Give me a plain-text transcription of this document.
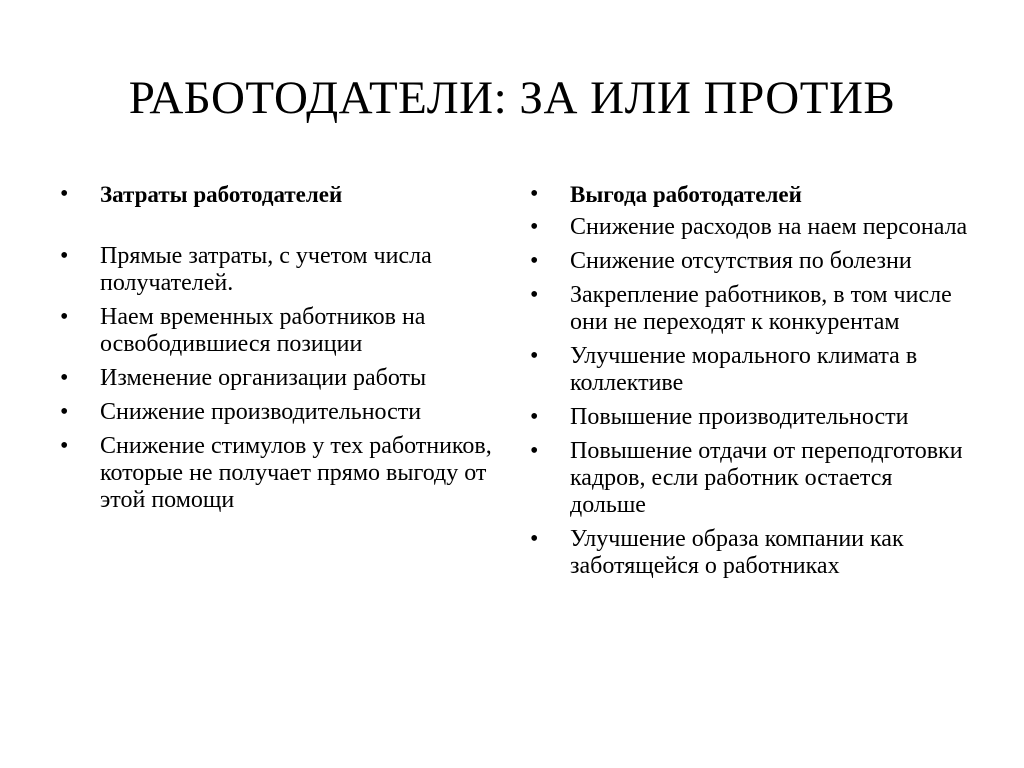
РАБОТОДАТЕЛИ: ЗА ИЛИ ПРОТИВ
•	Затраты работодателей
•	Прямые затраты, с учетом числа получателей.
•	Наем временных работников на освободившиеся позиции
•	Изменение организации работы
•	Снижение производительности
•	Снижение стимулов у тех работников, которые не получает прямо выгоду от этой помощи
•	Выгода работодателей
•	Снижение расходов на наем персонала
•	Снижение отсутствия по болезни
•	Закрепление работников, в том числе они не переходят к конкурентам
•	Улучшение морального климата в коллективе
•	Повышение производительности
•	Повышение отдачи от переподготовки кадров, если работник остается дольше
•	Улучшение образа компании как заботящейся о работниках
